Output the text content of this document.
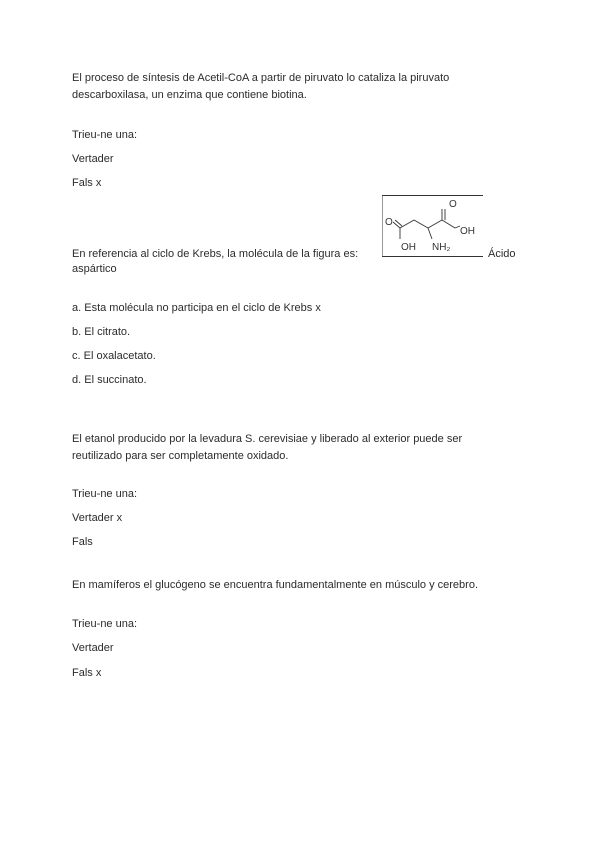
El proceso de síntesis de Acetil-CoA a partir de piruvato lo cataliza la piruvato
descarboxilasa, un enzima que contiene biotina.
Trieu-ne una:
Vertader
Fals x
En referencia al ciclo de Krebs, la molécula de la figura es:
O
OH
O
OH
NH₂
Ácido
aspártico
a. Esta molécula no participa en el ciclo de Krebs x
b. El citrato.
c. El oxalacetato.
d. El succinato.
El etanol producido por la levadura S. cerevisiae y liberado al exterior puede ser
reutilizado para ser completamente oxidado.
Trieu-ne una:
Vertader x
Fals
En mamíferos el glucógeno se encuentra fundamentalmente en músculo y cerebro.
Trieu-ne una:
Vertader
Fals x
